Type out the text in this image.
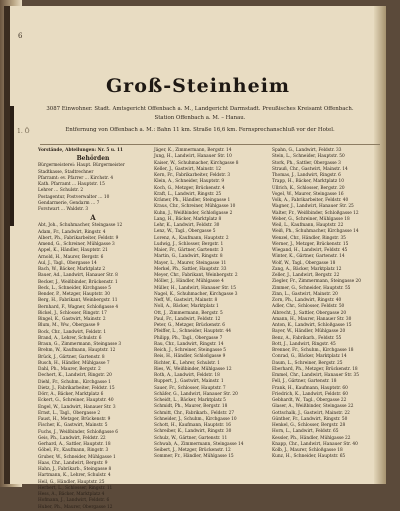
6
1. Ö
Groß-Steinheim
3087 Einwohner. Stadt. Amtsgericht Offenbach a. M., Landgericht Darmstadt. Preußisches Kreisamt Offenbach.
Station Offenbach a. M. – Hanau.
Entfernung von Offenbach a. M.: Bahn 11 km. Straße 16,6 km. Fernsprechanschluß vor der Hotel.
Vorstände, Abteilungen: Nr. 5 u. 11
Behörden
Bürgermeisterei: Haupt. Bürgermeister
Stadtkasse, Stadtrechner
Pfarramt: ev. Pfarrer … Kirchstr. 4
Kath. Pfarramt … Hauptstr. 15
Lehrer … Schulstr. 2
Postagentur, Postverwalter … 10
Gendarmerie, Gendarm … 7
Forstwart … Waldstr. 3
A
Abt, Joh., Schuhmacher, Steingasse 12
Adam, Fr., Landwirt, Ringstr. 4
Albert, Ph., Fabrikarbeiter, Feldstr. 9
Amend, G., Schreiner, Mühlgasse 3
Appel, K., Händler, Hauptstr. 21
Arnold, H., Maurer, Bergstr. 6
Aul, J., Tagl., Obergasse 14
Bach, W., Bäcker, Marktplatz 2
Bauer, Ad., Landwirt, Hanauer Str. 8
Becker, J., Weißbinder, Brückenstr. 1
Beck, L., Schneider, Kirchgasse 5
Bender, P., Metzger, Hauptstr. 30
Berg, H., Fabrikant, Weinbergstr. 11
Bernhard, F., Wagner, Schloßgasse 4
Bickel, J., Schlosser, Ringstr. 17
Bingel, K., Gastwirt, Mainstr. 2
Blum, M., Ww., Obergasse 9
Bock, Chr., Landwirt, Feldstr. 1
Brand, A., Lehrer, Schulstr. 6
Braun, G., Zimmermann, Steingasse 3
Brehm, W., Kaufmann, Hauptstr. 12
Brück, J., Gärtner, Gartenstr. 8
Busch, H., Händler, Mühlgasse 7
Dahl, Ph., Maurer, Bergstr. 2
Dechert, K., Landwirt, Ringstr. 20
Diehl, Fr., Schuhm., Kirchgasse 1
Dietz, J., Fabrikarbeiter, Feldstr. 15
Dörr, A., Bäcker, Marktplatz 6
Eckert, G., Schreiner, Hauptstr. 40
Engel, W., Landwirt, Hanauer Str. 3
Ernst, L., Tagl., Obergasse 2
Faust, H., Metzger, Brückenstr. 9
Fischer, K., Gastwirt, Mainstr. 5
Fuchs, J., Weißbinder, Schloßgasse 6
Geis, Ph., Landwirt, Feldstr. 22
Gerhard, A., Sattler, Hauptstr. 18
Göbel, Fr., Kaufmann, Ringstr. 3
Gruber, W., Schneider, Mühlgasse 1
Haas, Chr., Landwirt, Bergstr. 9
Hahn, J., Fabrikarb., Steingasse 8
Hartmann, K., Lehrer, Schulstr. 4
Heil, G., Händler, Hauptstr. 25
Herbert, L., Schlosser, Ringstr. 11
Hess, A., Bäcker, Marktplatz 4
Hofmann, J., Landwirt, Feldstr. 6
Huber, Ph., Maurer, Obergasse 12
Jäger, K., Zimmermann, Bergstr. 14
Jung, H., Landwirt, Hanauer Str. 10
Kaiser, W., Schuhmacher, Kirchgasse 8
Keller, J., Gastwirt, Mainstr. 12
Kern, Fr., Fabrikarbeiter, Feldstr. 3
Klein, A., Schneider, Hauptstr. 9
Koch, G., Metzger, Brückenstr. 4
Kraft, L., Landwirt, Ringstr. 25
Krämer, Ph., Händler, Steingasse 1
Kraus, Chr., Schreiner, Mühlgasse 10
Kuhn, J., Weißbinder, Schloßgasse 2
Lang, H., Bäcker, Marktplatz 8
Lehr, K., Landwirt, Feldstr. 30
Lenz, W., Tagl., Obergasse 5
Lorenz, A., Kaufmann, Hauptstr. 2
Ludwig, J., Schlosser, Bergstr. 1
Maier, Fr., Gärtner, Gartenstr. 3
Martin, G., Landwirt, Ringstr. 8
Mayer, L., Maurer, Steingasse 11
Merkel, Ph., Sattler, Hauptstr. 33
Meyer, Chr., Fabrikant, Weinbergstr. 2
Möller, J., Händler, Mühlgasse 4
Müller, H., Landwirt, Hanauer Str. 15
Nagel, K., Schuhmacher, Kirchgasse 3
Neff, W., Gastwirt, Mainstr. 8
Noll, A., Bäcker, Marktplatz 1
Ott, J., Zimmermann, Bergstr. 5
Paul, Fr., Landwirt, Feldstr. 12
Peter, G., Metzger, Brückenstr. 6
Pfeiffer, L., Schneider, Hauptstr. 44
Philipp, Ph., Tagl., Obergasse 7
Rau, Chr., Landwirt, Ringstr. 14
Reich, J., Schreiner, Steingasse 5
Reis, H., Händler, Schloßgasse 9
Richter, K., Lehrer, Schulstr. 1
Ries, W., Weißbinder, Mühlgasse 12
Roth, A., Landwirt, Feldstr. 18
Ruppert, J., Gastwirt, Mainstr. 1
Sauer, Fr., Schlosser, Hauptstr. 7
Schäfer, G., Landwirt, Hanauer Str. 20
Scheidt, L., Bäcker, Marktplatz 5
Schmidt, Ph., Maurer, Bergstr. 18
Schmitt, Chr., Fabrikarb., Feldstr. 27
Schneider, J., Schuhm., Kirchgasse 10
Schott, H., Kaufmann, Hauptstr. 16
Schreiber, K., Landwirt, Ringstr. 30
Schulz, W., Gärtner, Gartenstr. 11
Schwab, A., Zimmermann, Steingasse 14
Seibert, J., Metzger, Brückenstr. 12
Sommer, Fr., Händler, Mühlgasse 15
Spahn, G., Landwirt, Feldstr. 33
Stein, L., Schneider, Hauptstr. 50
Stork, Ph., Sattler, Obergasse 3
Strauß, Chr., Gastwirt, Mainstr. 14
Thomas, J., Landwirt, Ringstr. 6
Trapp, H., Bäcker, Marktplatz 10
Ullrich, K., Schlosser, Bergstr. 20
Vogel, W., Maurer, Steingasse 16
Volk, A., Fabrikarbeiter, Feldstr. 40
Wagner, J., Landwirt, Hanauer Str. 25
Walter, Fr., Weißbinder, Schloßgasse 12
Weber, G., Schreiner, Mühlgasse 18
Weil, L., Kaufmann, Hauptstr. 22
Weiß, Ph., Schuhmacher, Kirchgasse 14
Wenzel, Chr., Händler, Ringstr. 35
Werner, J., Metzger, Brückenstr. 15
Wiegand, H., Landwirt, Feldstr. 45
Winter, K., Gärtner, Gartenstr. 14
Wolf, W., Tagl., Obergasse 18
Zang, A., Bäcker, Marktplatz 12
Zeller, J., Landwirt, Bergstr. 22
Ziegler, Fr., Zimmermann, Steingasse 20
Zimmer, G., Schneider, Hauptstr. 55
Zinn, L., Gastwirt, Mainstr. 20
Zorn, Ph., Landwirt, Ringstr. 40
Adler, Chr., Schlosser, Feldstr. 50
Albrecht, J., Sattler, Obergasse 20
Amann, H., Maurer, Hanauer Str. 30
Anton, K., Landwirt, Schloßgasse 15
Bayer, W., Händler, Mühlgasse 20
Benz, A., Fabrikarb., Feldstr. 55
Bott, J., Landwirt, Ringstr. 45
Brenner, Fr., Schuhm., Kirchgasse 18
Conrad, G., Bäcker, Marktplatz 14
Daum, L., Schreiner, Bergstr. 25
Eberhard, Ph., Metzger, Brückenstr. 18
Emmel, Chr., Landwirt, Hanauer Str. 35
Fell, J., Gärtner, Gartenstr. 18
Frank, H., Kaufmann, Hauptstr. 60
Friedrich, K., Landwirt, Feldstr. 60
Gebhardt, W., Tagl., Obergasse 22
Glaser, A., Weißbinder, Steingasse 22
Gottschalk, J., Gastwirt, Mainstr. 22
Günther, Fr., Landwirt, Ringstr. 50
Henkel, G., Schlosser, Bergstr. 28
Horn, L., Landwirt, Feldstr. 65
Kessler, Ph., Händler, Mühlgasse 22
Knapp, Chr., Landwirt, Hanauer Str. 40
Kolb, J., Maurer, Schloßgasse 18
Kunz, H., Schneider, Hauptstr. 65
